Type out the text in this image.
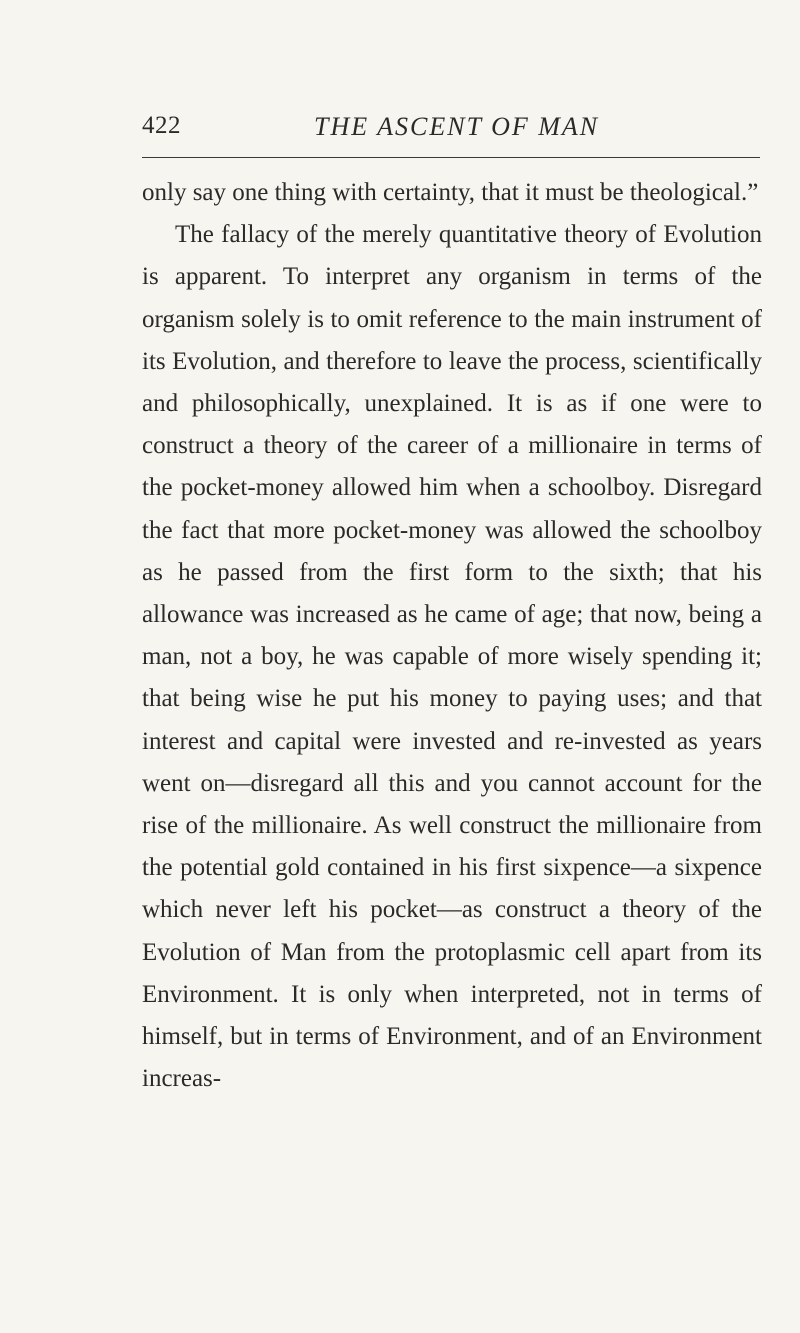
422	THE ASCENT OF MAN

only say one thing with certainty, that it must be theological.”

The fallacy of the merely quantitative theory of Evolution is apparent. To interpret any organism in terms of the organism solely is to omit reference to the main instrument of its Evolution, and therefore to leave the process, scientifically and philosophically, unexplained. It is as if one were to construct a theory of the career of a millionaire in terms of the pocket-money allowed him when a schoolboy. Disregard the fact that more pocket-money was allowed the schoolboy as he passed from the first form to the sixth; that his allowance was increased as he came of age; that now, being a man, not a boy, he was capable of more wisely spending it; that being wise he put his money to paying uses; and that interest and capital were invested and re-invested as years went on—disregard all this and you cannot account for the rise of the millionaire. As well construct the millionaire from the potential gold contained in his first sixpence—a sixpence which never left his pocket—as construct a theory of the Evolution of Man from the protoplasmic cell apart from its Environment. It is only when interpreted, not in terms of himself, but in terms of Environment, and of an Environment increas-
